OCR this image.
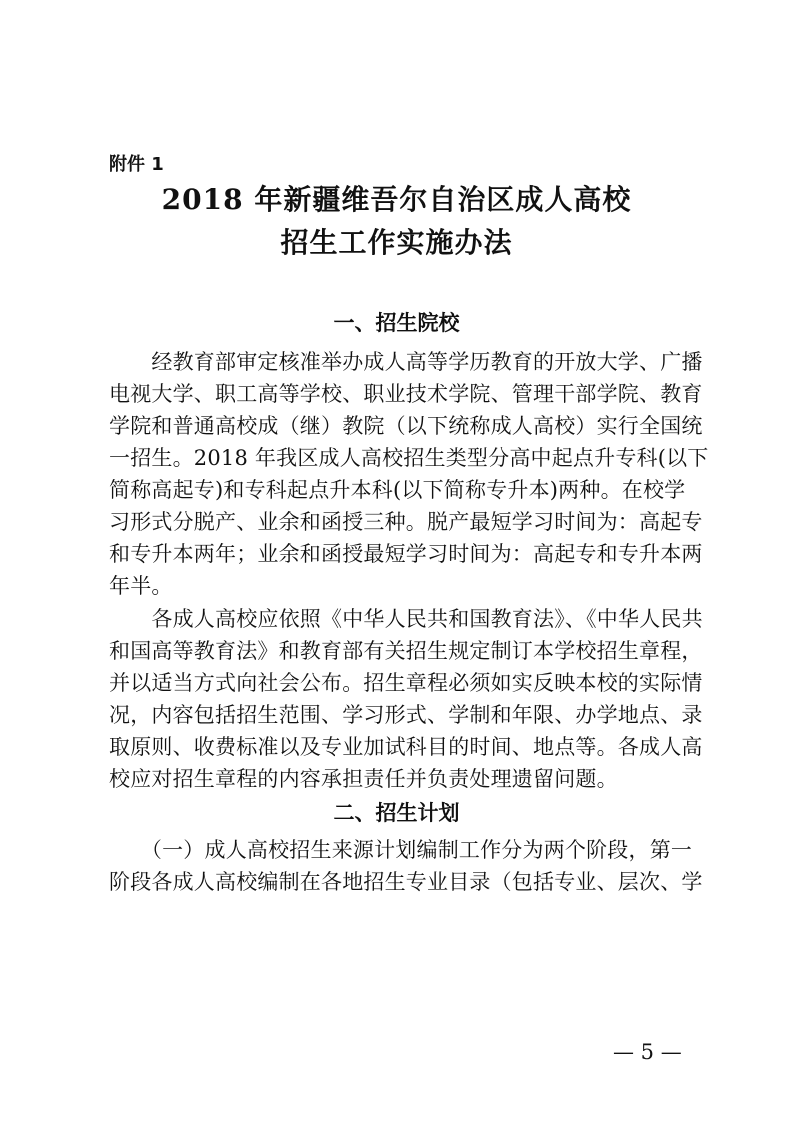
附件 1
2018 年新疆维吾尔自治区成人高校
招生工作实施办法
一、招生院校
　　经教育部审定核准举办成人高等学历教育的开放大学、广播
电视大学、职工高等学校、职业技术学院、管理干部学院、教育
学院和普通高校成（继）教院（以下统称成人高校）实行全国统
一招生。2018 年我区成人高校招生类型分高中起点升专科(以下
简称高起专)和专科起点升本科(以下简称专升本)两种。在校学
习形式分脱产、业余和函授三种。脱产最短学习时间为：高起专
和专升本两年；业余和函授最短学习时间为：高起专和专升本两
年半。
　　各成人高校应依照《中华人民共和国教育法》、《中华人民共
和国高等教育法》和教育部有关招生规定制订本学校招生章程，
并以适当方式向社会公布。招生章程必须如实反映本校的实际情
况，内容包括招生范围、学习形式、学制和年限、办学地点、录
取原则、收费标准以及专业加试科目的时间、地点等。各成人高
校应对招生章程的内容承担责任并负责处理遗留问题。
二、招生计划
　　（一）成人高校招生来源计划编制工作分为两个阶段，第一
阶段各成人高校编制在各地招生专业目录（包括专业、层次、学
— 5 —
